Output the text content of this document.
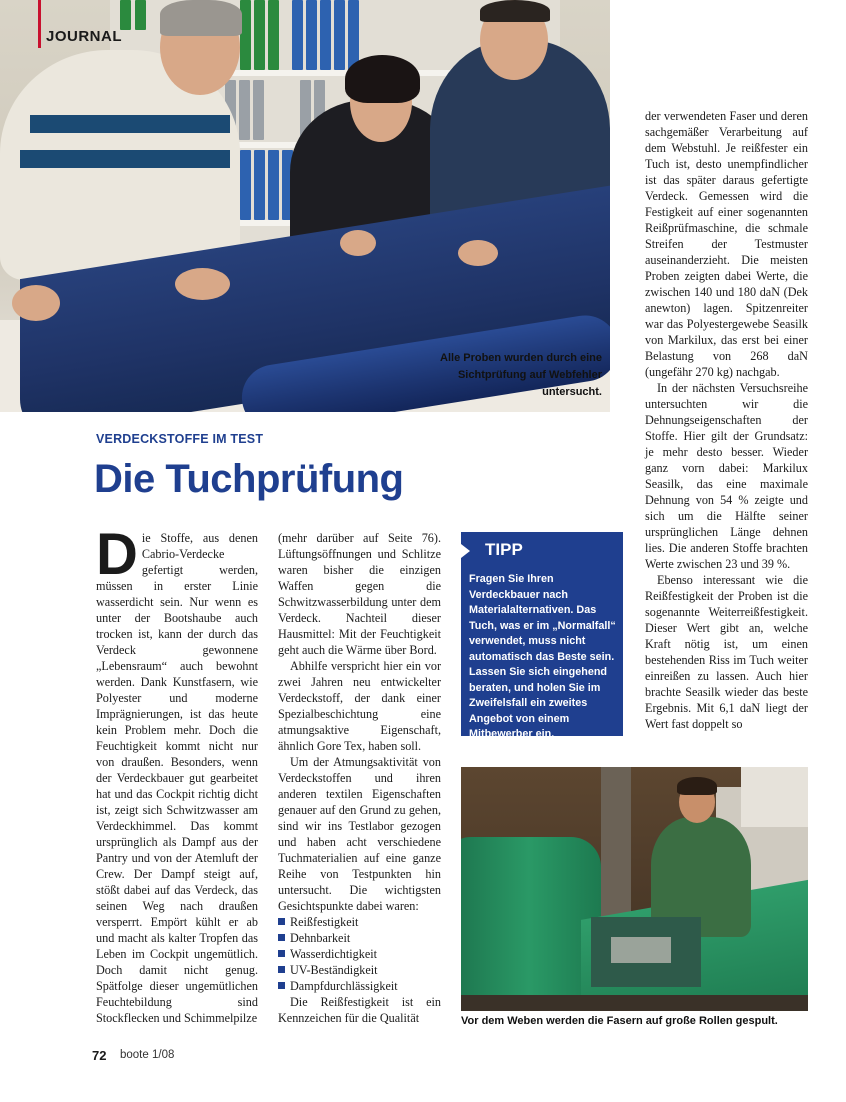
Alle Proben wurden durch eine Sichtprüfung auf Webfehler untersucht.
JOURNAL
VERDECKSTOFFE IM TEST
Die Tuchprüfung
D ie Stoffe, aus denen Cabrio-Verdecke gefertigt werden, müssen in erster Linie wasserdicht sein. Nur wenn es unter der Bootshaube auch trocken ist, kann der durch das Verdeck gewonnene „Lebensraum“ auch bewohnt werden. Dank Kunstfasern, wie Polyester und moderne Imprägnierungen, ist das heute kein Problem mehr. Doch die Feuchtigkeit kommt nicht nur von draußen. Besonders, wenn der Verdeckbauer gut gearbeitet hat und das Cockpit richtig dicht ist, zeigt sich Schwitzwasser am Verdeckhimmel. Das kommt ursprünglich als Dampf aus der Pantry und von der Atemluft der Crew. Der Dampf steigt auf, stößt dabei auf das Verdeck, das seinen Weg nach draußen versperrt. Empört kühlt er ab und macht als kalter Tropfen das Leben im Cockpit ungemütlich. Doch damit nicht genug. Spätfolge dieser ungemütlichen Feuchtebildung sind Stockflecken und Schimmelpilze

(mehr darüber auf Seite 76). Lüftungsöffnungen und Schlitze waren bisher die einzigen Waffen gegen die Schwitzwasserbildung unter dem Verdeck. Nachteil dieser Hausmittel: Mit der Feuchtigkeit geht auch die Wärme über Bord.

Abhilfe verspricht hier ein vor zwei Jahren neu entwickelter Verdeckstoff, der dank einer Spezialbeschichtung eine atmungsaktive Eigenschaft, ähnlich Gore Tex, haben soll.

Um der Atmungsaktivität von Verdeckstoffen und ihren anderen textilen Eigenschaften genauer auf den Grund zu gehen, sind wir ins Testlabor gezogen und haben acht verschiedene Tuchmaterialien auf eine ganze Reihe von Testpunkten hin untersucht. Die wichtigsten Gesichtspunkte dabei waren:

Reißfestigkeit
Dehnbarkeit
Wasserdichtigkeit
UV-Beständigkeit
Dampfdurchlässigkeit

Die Reißfestigkeit ist ein Kennzeichen für die Qualität

TIPP
Fragen Sie Ihren Verdeckbauer nach Materialalternativen. Das Tuch, was er im „Normalfall“ verwendet, muss nicht automatisch das Beste sein. Lassen Sie sich eingehend beraten, und holen Sie im Zweifelsfall ein zweites Angebot von einem Mitbewerber ein.

der verwendeten Faser und deren sachgemäßer Verarbeitung auf dem Webstuhl. Je reißfester ein Tuch ist, desto unempfindlicher ist das später daraus gefertigte Verdeck. Gemessen wird die Festigkeit auf einer sogenannten Reißprüfmaschine, die schmale Streifen der Testmuster auseinanderzieht. Die meisten Proben zeigten dabei Werte, die zwischen 140 und 180 daN (Dek anewton) lagen. Spitzenreiter war das Polyestergewebe Seasilk von Markilux, das erst bei einer Belastung von 268 daN (ungefähr 270 kg) nachgab.

In der nächsten Versuchsreihe untersuchten wir die Dehnungseigenschaften der Stoffe. Hier gilt der Grundsatz: je mehr desto besser. Wieder ganz vorn dabei: Markilux Seasilk, das eine maximale Dehnung von 54 % zeigte und sich um die Hälfte seiner ursprünglichen Länge dehnen lies. Die anderen Stoffe brachten Werte zwischen 23 und 39 %.

Ebenso interessant wie die Reißfestigkeit der Proben ist die sogenannte Weiterreißfestigkeit. Dieser Wert gibt an, welche Kraft nötig ist, um einen bestehenden Riss im Tuch weiter einreißen zu lassen. Auch hier brachte Seasilk wieder das beste Ergebnis. Mit 6,1 daN liegt der Wert fast doppelt so

Vor dem Weben werden die Fasern auf große Rollen gespult.
72 boote 1/08
